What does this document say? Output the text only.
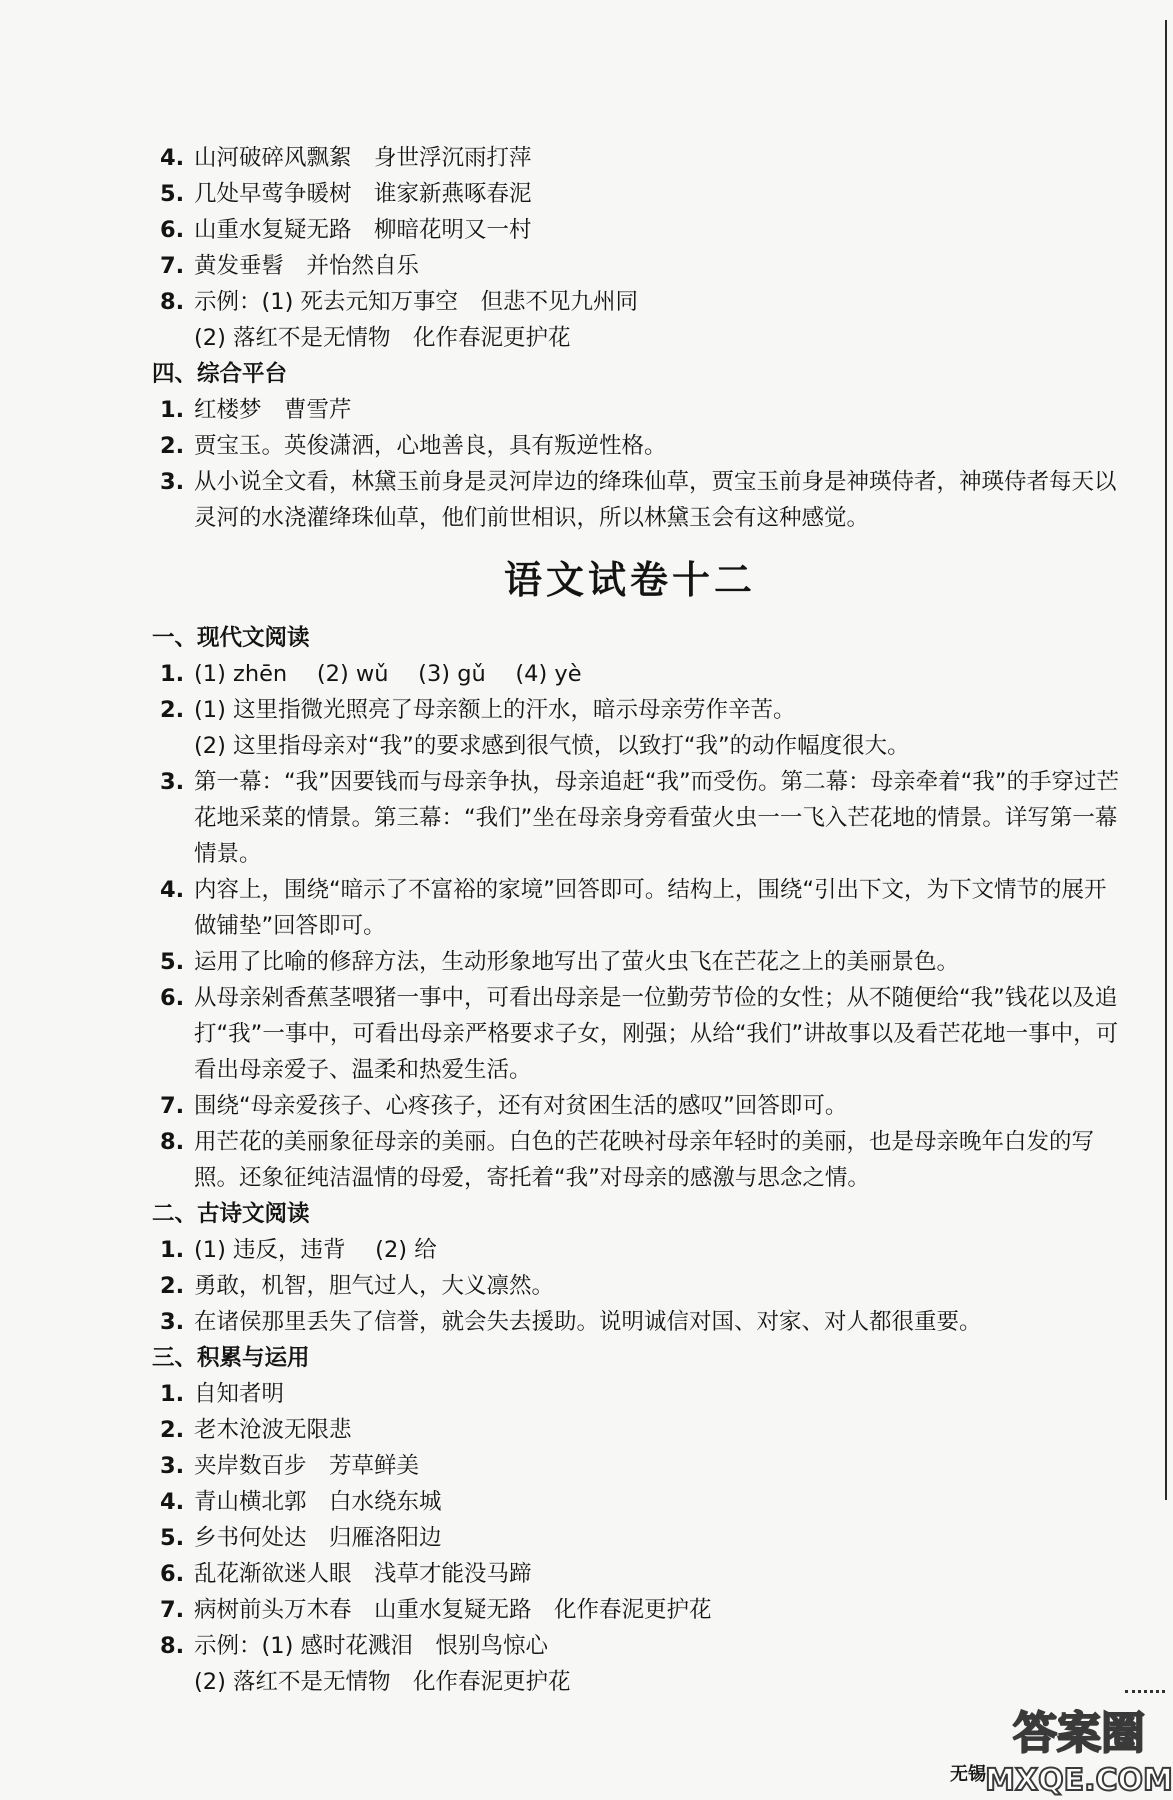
4. 山河破碎风飘絮　身世浮沉雨打萍
5. 几处早莺争暖树　谁家新燕啄春泥
6. 山重水复疑无路　柳暗花明又一村
7. 黄发垂髫　并怡然自乐
8. 示例：(1) 死去元知万事空　但悲不见九州同
(2) 落红不是无情物　化作春泥更护花
四、综合平台
1. 红楼梦　曹雪芹
2. 贾宝玉。英俊潇洒，心地善良，具有叛逆性格。
3. 从小说全文看，林黛玉前身是灵河岸边的绛珠仙草，贾宝玉前身是神瑛侍者，神瑛侍者每天以灵河的水浇灌绛珠仙草，他们前世相识，所以林黛玉会有这种感觉。
语文试卷十二
一、现代文阅读
1. (1) zhēn　 (2) wǔ　 (3) gǔ　 (4) yè
2. (1) 这里指微光照亮了母亲额上的汗水，暗示母亲劳作辛苦。
(2) 这里指母亲对“我”的要求感到很气愤，以致打“我”的动作幅度很大。
3. 第一幕：“我”因要钱而与母亲争执，母亲追赶“我”而受伤。第二幕：母亲牵着“我”的手穿过芒花地采菜的情景。第三幕：“我们”坐在母亲身旁看萤火虫一一飞入芒花地的情景。详写第一幕情景。
4. 内容上，围绕“暗示了不富裕的家境”回答即可。结构上，围绕“引出下文，为下文情节的展开做铺垫”回答即可。
5. 运用了比喻的修辞方法，生动形象地写出了萤火虫飞在芒花之上的美丽景色。
6. 从母亲剁香蕉茎喂猪一事中，可看出母亲是一位勤劳节俭的女性；从不随便给“我”钱花以及追打“我”一事中，可看出母亲严格要求子女，刚强；从给“我们”讲故事以及看芒花地一事中，可看出母亲爱子、温柔和热爱生活。
7. 围绕“母亲爱孩子、心疼孩子，还有对贫困生活的感叹”回答即可。
8. 用芒花的美丽象征母亲的美丽。白色的芒花映衬母亲年轻时的美丽，也是母亲晚年白发的写照。还象征纯洁温情的母爱，寄托着“我”对母亲的感激与思念之情。
二、古诗文阅读
1. (1) 违反，违背　 (2) 给
2. 勇敢，机智，胆气过人，大义凛然。
3. 在诸侯那里丢失了信誉，就会失去援助。说明诚信对国、对家、对人都很重要。
三、积累与运用
1. 自知者明
2. 老木沧波无限悲
3. 夹岸数百步　芳草鲜美
4. 青山横北郭　白水绕东城
5. 乡书何处达　归雁洛阳边
6. 乱花渐欲迷人眼　浅草才能没马蹄
7. 病树前头万木春　山重水复疑无路　化作春泥更护花
8. 示例：(1) 感时花溅泪　恨别鸟惊心
(2) 落红不是无情物　化作春泥更护花
无锡
答案圈
MXQE.COM
